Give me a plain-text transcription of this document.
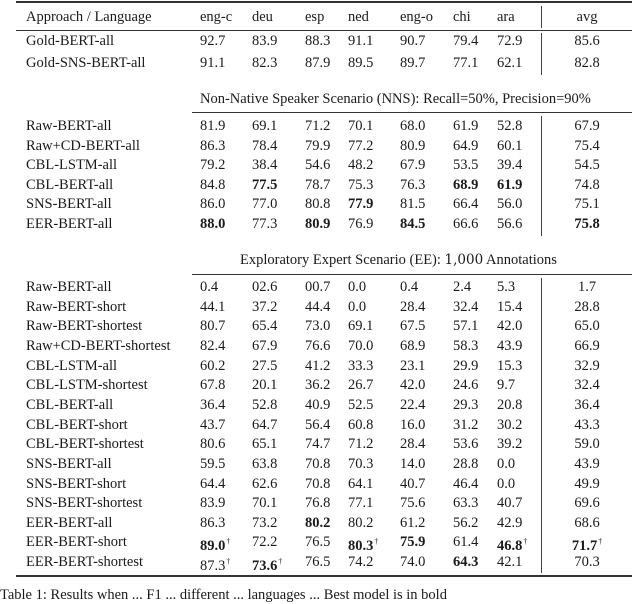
Approach / Language	eng-c deu esp ned eng-o chi ara	avg
Gold-BERT-all	92.7 83.9 88.3 91.1 90.7 79.4 72.9	85.6
Gold-SNS-BERT-all	91.1 82.3 87.9 89.5 89.7 77.1 62.1	82.8
Non-Native Speaker Scenario (NNS): Recall=50%, Precision=90%
Raw-BERT-all	81.9 69.1 71.2 70.1 68.0 61.9 52.8	67.9
Raw+CD-BERT-all	86.3 78.4 79.9 77.2 80.9 64.9 60.1	75.4
CBL-LSTM-all	79.2 38.4 54.6 48.2 67.9 53.5 39.4	54.5
CBL-BERT-all	84.8 77.5 78.7 75.3 76.3 68.9 61.9	74.8
SNS-BERT-all	86.0 77.0 80.8 77.9 81.5 66.4 56.0	75.1
EER-BERT-all	88.0 77.3 80.9 76.9 84.5 66.6 56.6	75.8
Exploratory Expert Scenario (EE): 1,000 Annotations
Raw-BERT-all	0.4 02.6 00.7 0.0 0.4 2.4 5.3	1.7
Raw-BERT-short	44.1 37.2 44.4 0.0 28.4 32.4 15.4	28.8
Raw-BERT-shortest	80.7 65.4 73.0 69.1 67.5 57.1 42.0	65.0
Raw+CD-BERT-shortest 82.4 67.9 76.6 70.0 68.9 58.3 43.9	66.9
CBL-LSTM-all	60.2 27.5 41.2 33.3 23.1 29.9 15.3	32.9
CBL-LSTM-shortest	67.8 20.1 36.2 26.7 42.0 24.6 9.7	32.4
CBL-BERT-all	36.4 52.8 40.9 52.5 22.4 29.3 20.8	36.4
CBL-BERT-short	43.7 64.7 56.4 60.8 16.0 31.2 30.2	43.3
CBL-BERT-shortest	80.6 65.1 74.7 71.2 28.4 53.6 39.2	59.0
SNS-BERT-all	59.5 63.8 70.8 70.3 14.0 28.8 0.0	43.9
SNS-BERT-short	64.4 62.6 70.8 64.1 40.7 46.4 0.0	49.9
SNS-BERT-shortest	83.9 70.1 76.8 77.1 75.6 63.3 40.7	69.6
EER-BERT-all	86.3 73.2 80.2 80.2 61.2 56.2 42.9	68.6
EER-BERT-short	89.0† 72.2 76.5 80.3† 75.9 61.4 46.8†	71.7†
EER-BERT-shortest	87.3† 73.6† 76.5 74.2 74.0 64.3 42.1	70.3
Table 1: Results when ... F1 ... different ... languages ... Best model is in bold
